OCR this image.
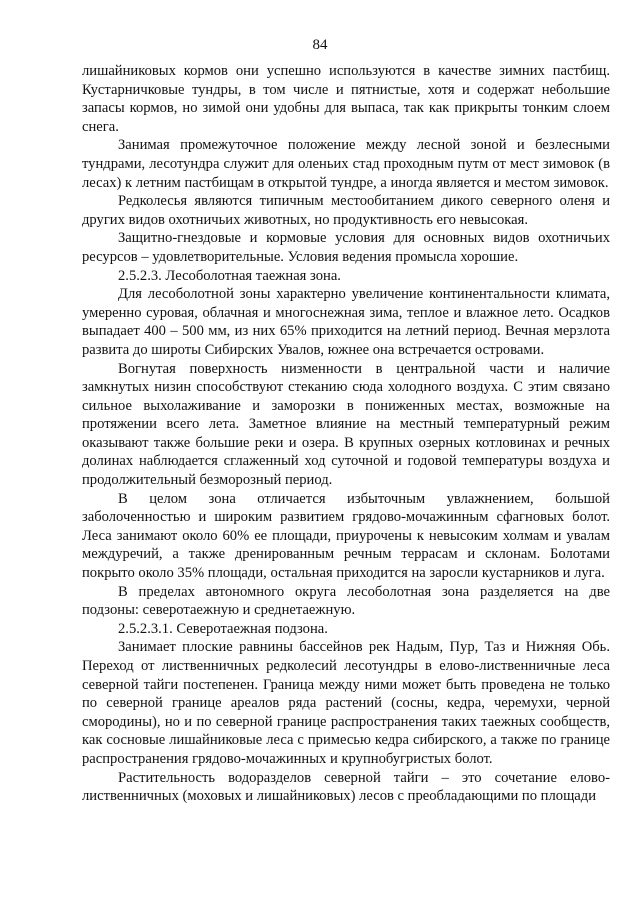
84

лишайниковых кормов они успешно используются в качестве зимних пастбищ. Кустарничковые тундры, в том числе и пятнистые, хотя и содержат небольшие запасы кормов, но зимой они удобны для выпаса, так как прикрыты тонким слоем снега.

Занимая промежуточное положение между лесной зоной и безлесными тундрами, лесотундра служит для оленьих стад проходным путм от мест зимовок (в лесах) к летним пастбищам в открытой тундре, а иногда является и местом зимовок.

Редколесья являются типичным местообитанием дикого северного оленя и других видов охотничьих животных, но продуктивность его невысокая.

Защитно-гнездовые и кормовые условия для основных видов охотничьих ресурсов – удовлетворительные. Условия ведения промысла хорошие.

2.5.2.3. Лесоболотная таежная зона.

Для лесоболотной зоны характерно увеличение континентальности климата, умеренно суровая, облачная и многоснежная зима, теплое и влажное лето. Осадков выпадает 400 – 500 мм, из них 65% приходится на летний период. Вечная мерзлота развита до широты Сибирских Увалов, южнее она встречается островами.

Вогнутая поверхность низменности в центральной части и наличие замкнутых низин способствуют стеканию сюда холодного воздуха. С этим связано сильное выхолаживание и заморозки в пониженных местах, возможные на протяжении всего лета. Заметное влияние на местный температурный режим оказывают также большие реки и озера. В крупных озерных котловинах и речных долинах наблюдается сглаженный ход суточной и годовой температуры воздуха и продолжительный безморозный период.

В целом зона отличается избыточным увлажнением, большой заболоченностью и широким развитием грядово-мочажинным сфагновых болот. Леса занимают около 60% ее площади, приурочены к невысоким холмам и увалам междуречий, а также дренированным речным террасам и склонам. Болотами покрыто около 35% площади, остальная приходится на заросли кустарников и луга.

В пределах автономного округа лесоболотная зона разделяется на две подзоны: северотаежную и среднетаежную.

2.5.2.3.1. Северотаежная подзона.

Занимает плоские равнины бассейнов рек Надым, Пур, Таз и Нижняя Обь. Переход от лиственничных редколесий лесотундры в елово-лиственничные леса северной тайги постепенен. Граница между ними может быть проведена не только по северной границе ареалов ряда растений (сосны, кедра, черемухи, черной смородины), но и по северной границе распространения таких таежных сообществ, как сосновые лишайниковые леса с примесью кедра сибирского, а также по границе распространения грядово-мочажинных и крупнобугристых болот.

Растительность водоразделов северной тайги – это сочетание елово-лиственничных (моховых и лишайниковых) лесов с преобладающими по площади
